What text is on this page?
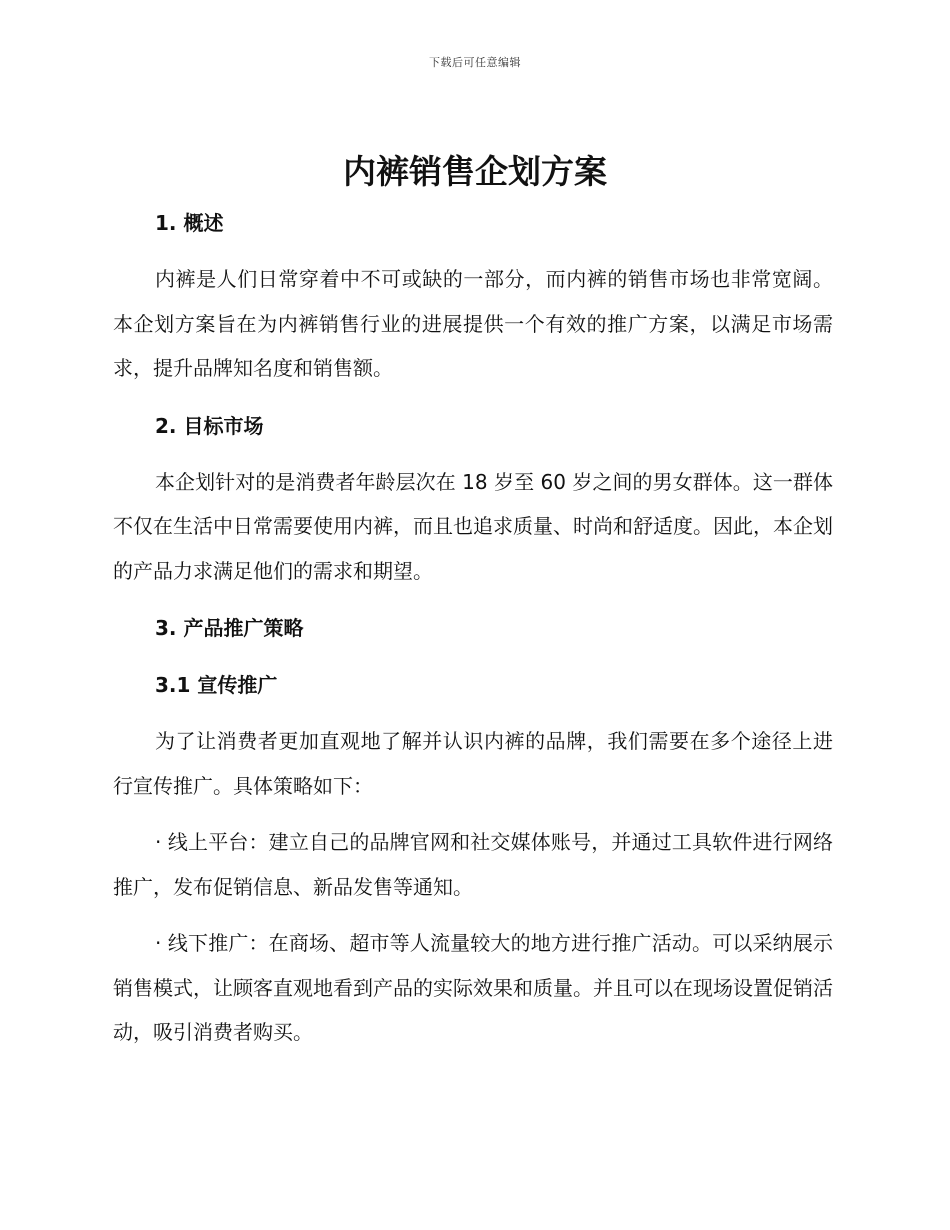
下载后可任意编辑
内裤销售企划方案
1. 概述

内裤是人们日常穿着中不可或缺的一部分，而内裤的销售市场也非常宽阔。本企划方案旨在为内裤销售行业的进展提供一个有效的推广方案，以满足市场需求，提升品牌知名度和销售额。

2. 目标市场

本企划针对的是消费者年龄层次在 18 岁至 60 岁之间的男女群体。这一群体不仅在生活中日常需要使用内裤，而且也追求质量、时尚和舒适度。因此，本企划的产品力求满足他们的需求和期望。

3. 产品推广策略
3.1 宣传推广

为了让消费者更加直观地了解并认识内裤的品牌，我们需要在多个途径上进行宣传推广。具体策略如下：

· 线上平台：建立自己的品牌官网和社交媒体账号，并通过工具软件进行网络推广，发布促销信息、新品发售等通知。

· 线下推广：在商场、超市等人流量较大的地方进行推广活动。可以采纳展示销售模式，让顾客直观地看到产品的实际效果和质量。并且可以在现场设置促销活动，吸引消费者购买。
